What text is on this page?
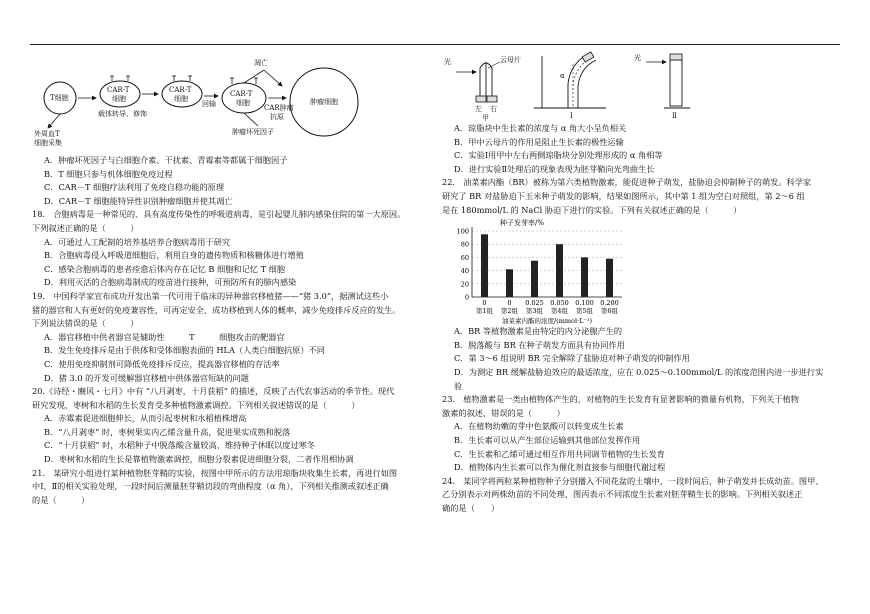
T细胞
CAR-T
细胞
载体转导、修饰
CAR-T
细胞
回输
CAR-T
细胞
凋亡
CAR肿瘤
抗原
肿瘤细胞
外周血T
细胞采集
肿瘤坏死因子
A．肿瘤坏死因子与白细胞介素、干扰素、青霉素等都属于细胞因子
B．T 细胞只参与机体细胞免疫过程
C．CAR－T 细胞疗法利用了免疫自稳功能的原理
D．CAR－T 细胞能特异性识别肿瘤细胞并使其凋亡
18.　合胞病毒是一种常见的、具有高度传染性的呼吸道病毒，是引起婴儿肺内感染住院的第一大原因。
下列叙述正确的是（　　　）
A．可通过人工配制的培养基培养合胞病毒用于研究
B．合胞病毒侵入呼吸道细胞后，利用自身的遗传物质和核糖体进行增殖
C．感染合胞病毒的患者痊愈后体内存在记忆 B 细胞和记忆 T 细胞
D．利用灭活的合胞病毒制成的疫苗进行接种，可预防所有的肺内感染
19.　中国科学家宣布成功开发出第一代可用于临床的异种器官移植猪——“猪 3.0”，据测试这些小
猪的器官和人有更好的免疫兼容性，可再定安全、成功移植到人体的概率，减少免疫排斥反应的发生。
下列说法错误的是（　　　）
A．器官移植中供者器官是辅助性　　　T　　　细胞攻击的靶器官
B．发生免疫排斥是由于供体和受体细胞表面的 HLA（人类白细胞抗原）不同
C．使用免疫抑制剂可降低免疫排斥反应，提高器官移植的存活率
D．猪 3.0 的开发可缓解器官移植中供体器官短缺的问题
20.《诗经・豳风・七月》中有 “八月剥枣，十月获稻” 的描述，反映了古代农事活动的季节性。现代
研究发现，枣树和水稻的生长发育受多种植物激素调控。下列相关叙述错误的是（　　　）
A．赤霉素促进细胞伸长，从而引起枣树和水稻植株增高
B．“八月剥枣” 时，枣树果实内乙烯含量升高，促进果实成熟和脱落
C．“十月获稻” 时，水稻种子中脱落酸含量较高，维持种子休眠以度过寒冬
D．枣树和水稻的生长是靠植物激素调控，细胞分裂素促进细胞分裂，二者作用相协调
21.　某研究小组进行某种植物胚芽鞘的实验，按图中甲所示的方法用琼脂块收集生长素，再进行如图
中Ⅰ、Ⅱ的相关实验处理，一段时间后测量胚芽鞘切段的弯曲程度（α 角），下列相关推测或叙述正确
的是（　　　）
光	云母片
左 右
甲
α
Ⅰ
光
Ⅱ
A．琼脂块中生长素的浓度与 α 角大小呈负相关
B．甲中云母片的作用是阻止生长素的极性运输
C．实验Ⅰ用甲中左右两侧琼脂块分别处理形成的 α 角相等
D．进行实验Ⅱ处理后的现象表现为胚芽鞘向光弯曲生长
22.　油菜素内酯（BR）被称为第六类植物激素，能促进种子萌发，盐胁迫会抑制种子的萌发。科学家
研究了 BR 对盐胁迫下玉米种子萌发的影响，结果如图所示，其中第 1 组为空白对照组，第 2～6 组
是在 180mmol/L 的 NaCl 胁迫下进行的实验。下列有关叙述正确的是（　　　）
种子发芽率/%
0
20
40
60
80
100
0
第1组
0
第2组
0.025
第3组
0.050
第4组
0.100
第5组
0.200
第6组
油菜素内酯的浓度/(mmol·L⁻¹)
A．BR 等植物激素是由特定的内分泌腺产生的
B．脱落酸与 BR 在种子萌发方面具有协同作用
C．第 3～6 组说明 BR 完全解除了盐胁迫对种子萌发的抑制作用
D．为测定 BR 缓解盐胁迫效应的最适浓度，应在 0.025～0.100mmol/L 的浓度范围内进一步进行实
验
23.　植物激素是一类由植物体产生的，对植物的生长发育有显著影响的微量有机物，下列关于植物
激素的叙述，错误的是（　　　）
A．在植物幼嫩的芽中色氨酸可以转变成生长素
B．生长素可以从产生部位运输到其他部位发挥作用
C．生长素和乙烯可通过相互作用共同调节植物的生长发育
D．植物体内生长素可以作为催化剂直接参与细胞代谢过程
24.　某同学将两粒某种植物种子分别播入不同花盆的土壤中，一段时间后，种子萌发并长成幼苗。图甲、
乙分别表示对两株幼苗的不同处理，图丙表示不同浓度生长素对胚芽鞘生长的影响。下列相关叙述正
确的是（　　）
